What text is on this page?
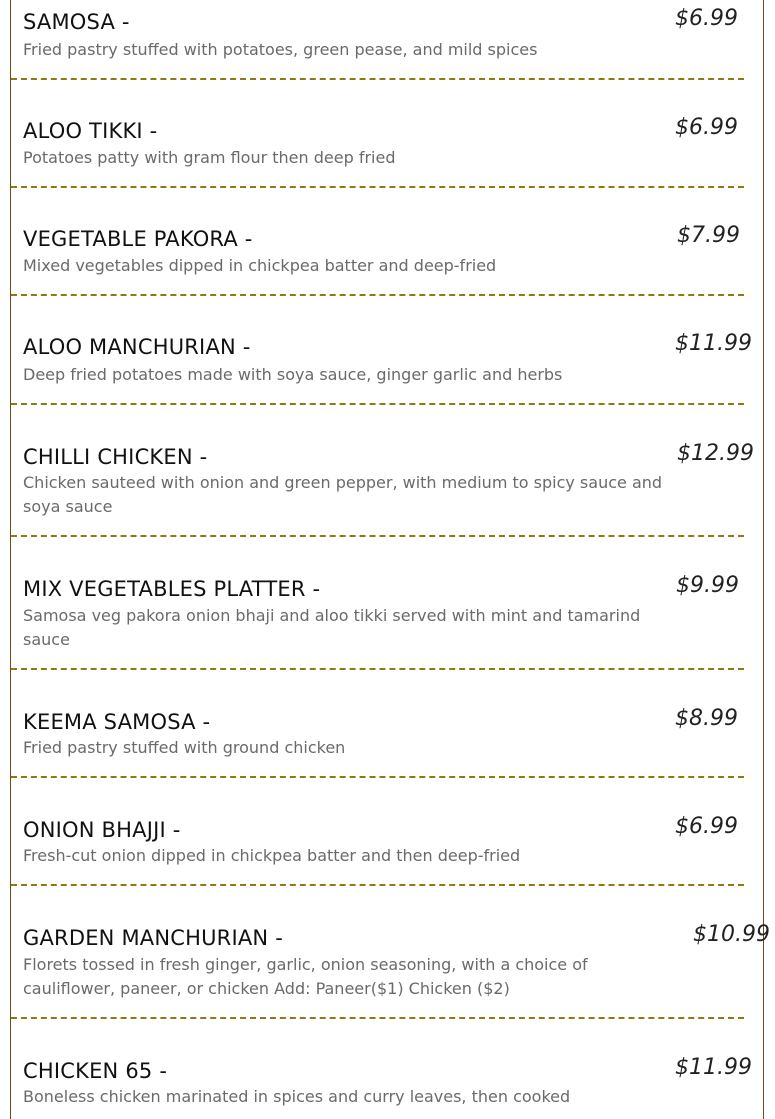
SAMOSA -
Fried pastry stuffed with potatoes, green pease, and mild spices
$6.99
ALOO TIKKI -
Potatoes patty with gram flour then deep fried
$6.99
VEGETABLE PAKORA -
Mixed vegetables dipped in chickpea batter and deep-fried
$7.99
ALOO MANCHURIAN -
Deep fried potatoes made with soya sauce, ginger garlic and herbs
$11.99
CHILLI CHICKEN -
Chicken sauteed with onion and green pepper, with medium to spicy sauce and soya sauce
$12.99
MIX VEGETABLES PLATTER -
Samosa veg pakora onion bhaji and aloo tikki served with mint and tamarind sauce
$9.99
KEEMA SAMOSA -
Fried pastry stuffed with ground chicken
$8.99
ONION BHAJJI -
Fresh-cut onion dipped in chickpea batter and then deep-fried
$6.99
GARDEN MANCHURIAN -
Florets tossed in fresh ginger, garlic, onion seasoning, with a choice of cauliflower, paneer, or chicken Add: Paneer($1) Chicken ($2)
$10.99
CHICKEN 65 -
Boneless chicken marinated in spices and curry leaves, then cooked
$11.99
